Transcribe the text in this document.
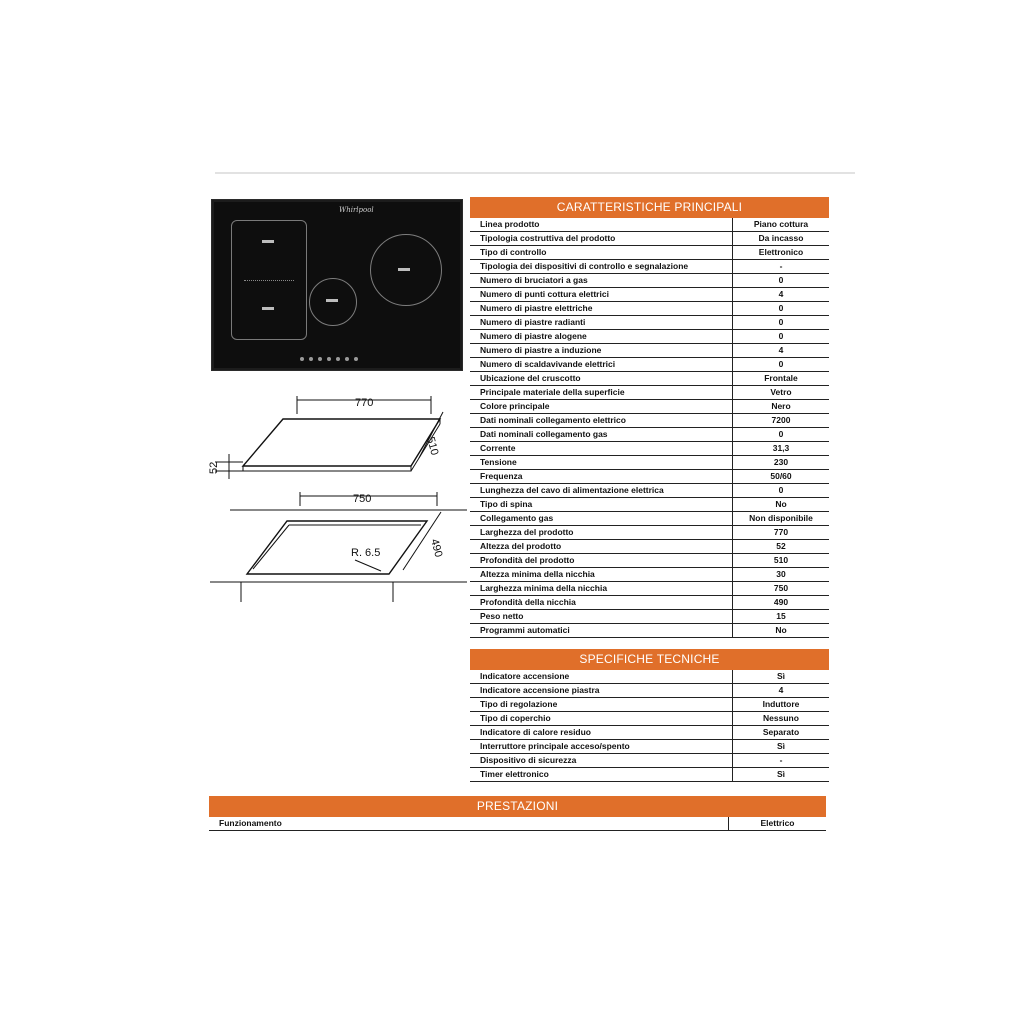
Whirlpool
770
510
52
750
490
R. 6.5
CARATTERISTICHE PRINCIPALI
Linea prodotto	Piano cottura
Tipologia costruttiva del prodotto	Da incasso
Tipo di controllo	Elettronico
Tipologia dei dispositivi di controllo e segnalazione	-
Numero di bruciatori a gas	0
Numero di punti cottura elettrici	4
Numero di piastre elettriche	0
Numero di piastre radianti	0
Numero di piastre alogene	0
Numero di piastre a induzione	4
Numero di scaldavivande elettrici	0
Ubicazione del cruscotto	Frontale
Principale materiale della superficie	Vetro
Colore principale	Nero
Dati nominali collegamento elettrico	7200
Dati nominali collegamento gas	0
Corrente	31,3
Tensione	230
Frequenza	50/60
Lunghezza del cavo di alimentazione elettrica	0
Tipo di spina	No
Collegamento gas	Non disponibile
Larghezza del prodotto	770
Altezza del prodotto	52
Profondità del prodotto	510
Altezza minima della nicchia	30
Larghezza minima della nicchia	750
Profondità della nicchia	490
Peso netto	15
Programmi automatici	No
SPECIFICHE TECNICHE
Indicatore accensione	Sì
Indicatore accensione piastra	4
Tipo di regolazione	Induttore
Tipo di coperchio	Nessuno
Indicatore di calore residuo	Separato
Interruttore principale acceso/spento	Sì
Dispositivo di sicurezza	-
Timer elettronico	Sì
PRESTAZIONI
Funzionamento	Elettrico
